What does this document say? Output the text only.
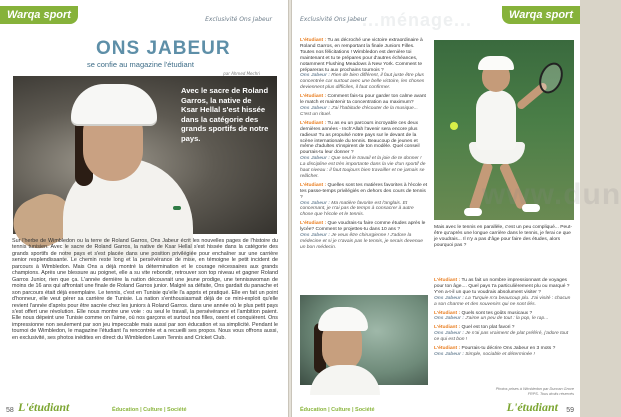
Warqa sport	Exclusivité Ons Jabeur
ONS JABEUR
se confie au magazine l'étudiant
par Ahmed Mechri
Avec le sacre de Roland Garros, la native de Ksar Hellal s'est hissée dans la catégorie des grands sportifs de notre pays.
Sur l'herbe de Wimbledon ou la terre de Roland Garros, Ons Jabeur écrit les nouvelles pages de l'histoire du tennis tunisien. Avec le sacre de Roland Garros, la native de Ksar Hellal s'est hissée dans la catégorie des grands sportifs de notre pays et s'est placée dans une position privilégiée pour enchaîner sur une carrière senior resplendissante. Le chemin reste long et la persévérance de mise, en témoigne le petit incident de parcours à Wimbledon. Mais Ons a déjà montré la détermination et le courage nécessaires aux grands champions. Après une blessure au poignet, elle a su vite rebondir, retrouver son top niveau et gagner Roland Garros Junior, rien que ça. L'année dernière la nation découvrait une jeune prodige, une tennisswoman de moins de 16 ans qui affrontait une finale de Roland Garros junior. Malgré sa défaite, Ons gardait du panache et son parcours était déjà exemplaire. Le tennis, c'est en Tunisie qu'elle l'a appris et pratiqué. Elle en fait un point d'honneur, elle veut gérer sa carrière de Tunisie. La nation s'enthousiasmait déjà de ce mini-exploit qu'elle revient l'année d'après pour être sacrée chez les juniors à Roland Garros. dans une année où le plus petit pays s'est offert une révolution. Elle nous montre une voie : ou seul le travail, la persévérance et l'ambition paient. Elle nous dépeint une Tunisie comme on l'aime, où nos garçons et surtout nos filles, osent et conquièrent. Ons impressionne non seulement par son jeu impeccable mais aussi par son éducation et sa simplicité. Pendant le tournoi de Wimbledon, le magazine l'étudiant l'a rencontrée et a recueilli ses propos. Nous vous offrons aussi, en exclusivité, ses photos inédites en direct du Wimbledon Lawn Tennis and Cricket Club.
58 L'étudiant	Éducation | Culture | Société
...ménage...	Warqa sport
Exclusivité Ons Jabeur
L'étudiant : Tu as décroché une victoire extraordinaire à Roland Garros, en remportant la finale Juniors Filles. Toutes nos félicitations ! Wimbledon est dernière toi maintenant et tu te prépares pour d'autres échéances, notamment Flushing Meadows à New York. Comment te prépareras tu aux prochains tournois ?
Ons Jabeur : Rien de bien différent, il faut juste être plus concentrée car surtout avec une belle victoire, les choses deviennent plus difficiles, il faut confirmer.
L'étudiant : Comment fais-tu pour garder ton calme avant le match et maintenir ta concentration au maximum?
Ons Jabeur : J'ai l'habitude d'écouter de la musique... C'est un rituel.
L'étudiant : Tu as eu un parcours incroyable ces deux dernières années - Inch'Allah l'avenir sera encore plus radieux! Tu as propulsé notre pays sur le devant de la scène internationale du tennis. Beaucoup de jeunes et même d'adultes s'inspirent de ton modèle. Quel conseil pourrais-tu leur donner ?
Ons Jabeur : Que seul le travail et la joie de te donner ! La discipline est très importante dans la vie d'un sportif de haut niveau : il faut toujours bien travailler et ne jamais se relâcher.
L'étudiant : Quelles sont tes matières favorites à l'école et tes passe-temps privilégiés en dehors des cours de tennis ?
Ons Jabeur : Ma matière favorite est l'anglais. Et concernant, je n'ai pas de temps à consacrer à autre chose que l'école et le tennis.
L'étudiant : Que voudrais-tu faire comme études après le lycée? Comment te projettes-tu dans 10 ans ?
Ons Jabeur : Je veux être chirurgienne ! J'adore la médecine et si je n'avais pas le tennis, je serais devenue un bon médecin.
www.dun
Mais avec le tennis en parallèle, c'est un peu compliqué... Peut-être qu'après une longue carrière dans le tennis, je ferai ce que je voudrais... Il n'y a pas d'âge pour faire des études, alors pourquoi pas ?
L'étudiant : Tu as fait un nombre impressionnant de voyages pour ton âge.... Quel pays t'a particulièrement plu ou marqué ? Y'en a-t-il un que tu voudrais absolument visiter ?
Ons Jabeur : La Turquie m'a beaucoup plu. J'ai visité : chacun a son charme et des souvenirs qui ne sont liés.
L'étudiant : Quels sont tes goûts musicaux ?
Ons Jabeur : J'aime un peu de tout : la pop, le rap...
L'étudiant : Quel est ton plat favori ?
Ons Jabeur : Je n'ai pas vraiment de plat préféré, j'adore tout ce qui est bon !
L'étudiant : Pourrais-tu décrire Ons Jabeur en 3 mots ?
Ons Jabeur : Simple, sociable et déterminée !
Photos prises à Wimbledon par Duncan Grove FRPS. Tous droits réservés
Éducation | Culture | Société	L'étudiant 59
